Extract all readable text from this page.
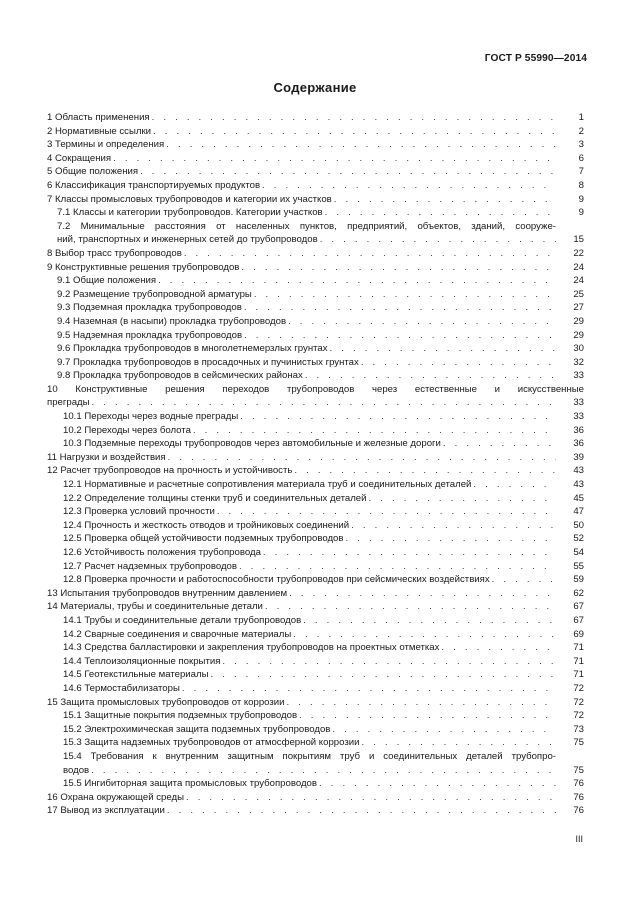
ГОСТ Р 55990—2014
Содержание
1 Область применения . . .	1
2 Нормативные ссылки . . .	2
3 Термины и определения . . .	3
4 Сокращения . . .	6
5 Общие положения . . .	7
6 Классификация транспортируемых продуктов . . .	8
7 Классы промысловых трубопроводов и категории их участков . . .	9
7.1 Классы и категории трубопроводов. Категории участков . . .	9
7.2 Минимальные расстояния от населенных пунктов, предприятий, объектов, зданий, сооруже-
ний, транспортных и инженерных сетей до трубопроводов . . .	15
8 Выбор трасс трубопроводов . . .	22
9 Конструктивные решения трубопроводов . . .	24
9.1 Общие положения . . .	24
9.2 Размещение трубопроводной арматуры . . .	25
9.3 Подземная прокладка трубопроводов . . .	27
9.4 Наземная (в насыпи) прокладка трубопроводов . . .	29
9.5 Надземная прокладка трубопроводов . . .	29
9.6 Прокладка трубопроводов в многолетнемерзлых грунтах . . .	30
9.7 Прокладка трубопроводов в просадочных и пучинистых грунтах . . .	32
9.8 Прокладка трубопроводов в сейсмических районах . . .	33
10 Конструктивные решения переходов трубопроводов через естественные и искусственные
преграды . . .	33
10.1 Переходы через водные преграды . . .	33
10.2 Переходы через болота . . .	36
10.3 Подземные переходы трубопроводов через автомобильные и железные дороги . . .	36
11 Нагрузки и воздействия . . .	39
12 Расчет трубопроводов на прочность и устойчивость . . .	43
12.1 Нормативные и расчетные сопротивления материала труб и соединительных деталей . . .	43
12.2 Определение толщины стенки труб и соединительных деталей . . .	45
12.3 Проверка условий прочности . . .	47
12.4 Прочность и жесткость отводов и тройниковых соединений . . .	50
12.5 Проверка общей устойчивости подземных трубопроводов . . .	52
12.6 Устойчивость положения трубопровода . . .	54
12.7 Расчет надземных трубопроводов . . .	55
12.8 Проверка прочности и работоспособности трубопроводов при сейсмических воздействиях . . .	59
13 Испытания трубопроводов внутренним давлением . . .	62
14 Материалы, трубы и соединительные детали . . .	67
14.1 Трубы и соединительные детали трубопроводов . . .	67
14.2 Сварные соединения и сварочные материалы . . .	69
14.3 Средства балластировки и закрепления трубопроводов на проектных отметках . . .	71
14.4 Теплоизоляционные покрытия . . .	71
14.5 Геотекстильные материалы . . .	71
14.6 Термостабилизаторы . . .	72
15 Защита промысловых трубопроводов от коррозии . . .	72
15.1 Защитные покрытия подземных трубопроводов . . .	72
15.2 Электрохимическая защита подземных трубопроводов . . .	73
15.3 Защита надземных трубопроводов от атмосферной коррозии . . .	75
15.4 Требования к внутренним защитным покрытиям труб и соединительных деталей трубопро-
водов . . .	75
15.5 Ингибиторная защита промысловых трубопроводов . . .	76
16 Охрана окружающей среды . . .	76
17 Вывод из эксплуатации . . .	76
III
